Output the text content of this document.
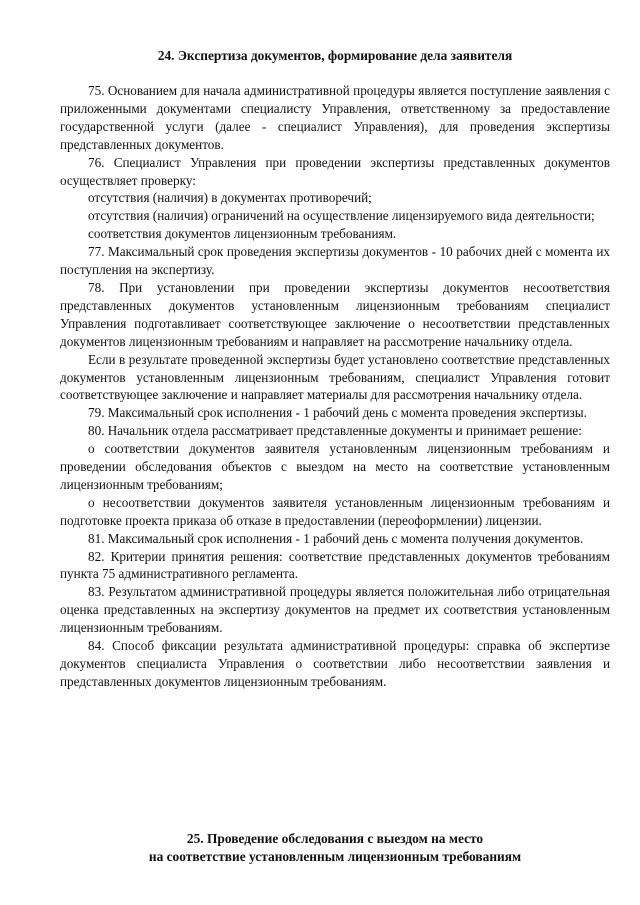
24. Экспертиза документов, формирование дела заявителя

75. Основанием для начала административной процедуры является поступление заявления с приложенными документами специалисту Управления, ответственному за предоставление государственной услуги (далее - специалист Управления), для проведения экспертизы представленных документов.

76. Специалист Управления при проведении экспертизы представленных документов осуществляет проверку:

отсутствия (наличия) в документах противоречий;

отсутствия (наличия) ограничений на осуществление лицензируемого вида деятельности;

соответствия документов лицензионным требованиям.

77. Максимальный срок проведения экспертизы документов - 10 рабочих дней с момента их поступления на экспертизу.

78. При установлении при проведении экспертизы документов несоответствия представленных документов установленным лицензионным требованиям специалист Управления подготавливает соответствующее заключение о несоответствии представленных документов лицензионным требованиям и направляет на рассмотрение начальнику отдела.

Если в результате проведенной экспертизы будет установлено соответствие представленных документов установленным лицензионным требованиям, специалист Управления готовит соответствующее заключение и направляет материалы для рассмотрения начальнику отдела.

79. Максимальный срок исполнения - 1 рабочий день с момента проведения экспертизы.

80. Начальник отдела рассматривает представленные документы и принимает решение:

о соответствии документов заявителя установленным лицензионным требованиям и проведении обследования объектов с выездом на место на соответствие установленным лицензионным требованиям;

о несоответствии документов заявителя установленным лицензионным требованиям и подготовке проекта приказа об отказе в предоставлении (переоформлении) лицензии.

81. Максимальный срок исполнения - 1 рабочий день с момента получения документов.

82. Критерии принятия решения: соответствие представленных документов требованиям пункта 75 административного регламента.

83. Результатом административной процедуры является положительная либо отрицательная оценка представленных на экспертизу документов на предмет их соответствия установленным лицензионным требованиям.

84. Способ фиксации результата административной процедуры: справка об экспертизе документов специалиста Управления о соответствии либо несоответствии заявления и представленных документов лицензионным требованиям.

25. Проведение обследования с выездом на место
на соответствие установленным лицензионным требованиям
